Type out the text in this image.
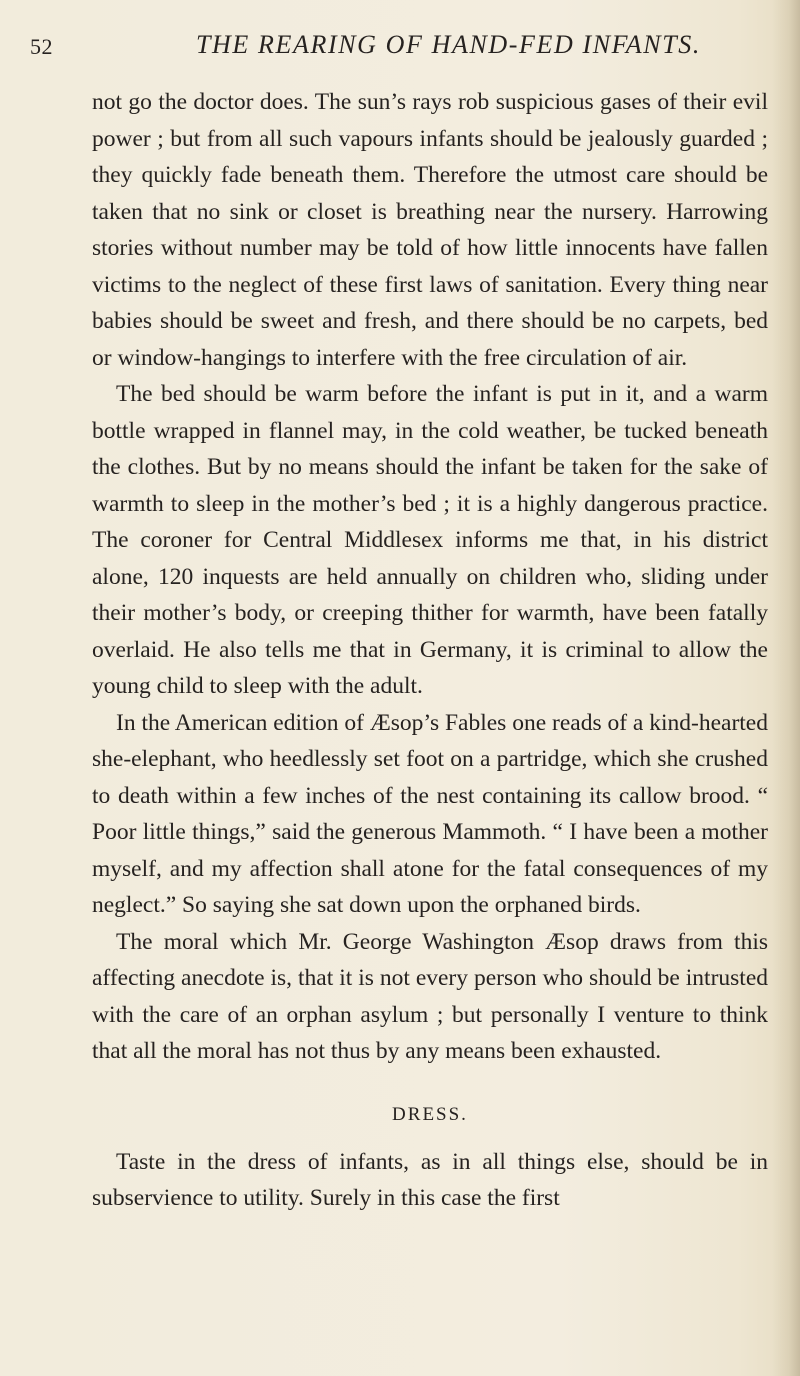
52	THE REARING OF HAND-FED INFANTS.

not go the doctor does. The sun’s rays rob suspicious gases of their evil power ; but from all such vapours infants should be jealously guarded ; they quickly fade beneath them. Therefore the utmost care should be taken that no sink or closet is breathing near the nursery. Harrowing stories without number may be told of how little innocents have fallen victims to the neglect of these first laws of sanitation. Every thing near babies should be sweet and fresh, and there should be no carpets, bed or window-hangings to interfere with the free circulation of air.

The bed should be warm before the infant is put in it, and a warm bottle wrapped in flannel may, in the cold weather, be tucked beneath the clothes. But by no means should the infant be taken for the sake of warmth to sleep in the mother’s bed ; it is a highly dangerous practice. The coroner for Central Middlesex informs me that, in his district alone, 120 inquests are held annually on children who, sliding under their mother’s body, or creeping thither for warmth, have been fatally overlaid. He also tells me that in Germany, it is criminal to allow the young child to sleep with the adult.

In the American edition of Æsop’s Fables one reads of a kind-hearted she-elephant, who heedlessly set foot on a partridge, which she crushed to death within a few inches of the nest containing its callow brood. “ Poor little things,” said the generous Mammoth. “ I have been a mother myself, and my affection shall atone for the fatal consequences of my neglect.” So saying she sat down upon the orphaned birds.

The moral which Mr. George Washington Æsop draws from this affecting anecdote is, that it is not every person who should be intrusted with the care of an orphan asylum ; but personally I venture to think that all the moral has not thus by any means been exhausted.

DRESS.

Taste in the dress of infants, as in all things else, should be in subservience to utility. Surely in this case the first
